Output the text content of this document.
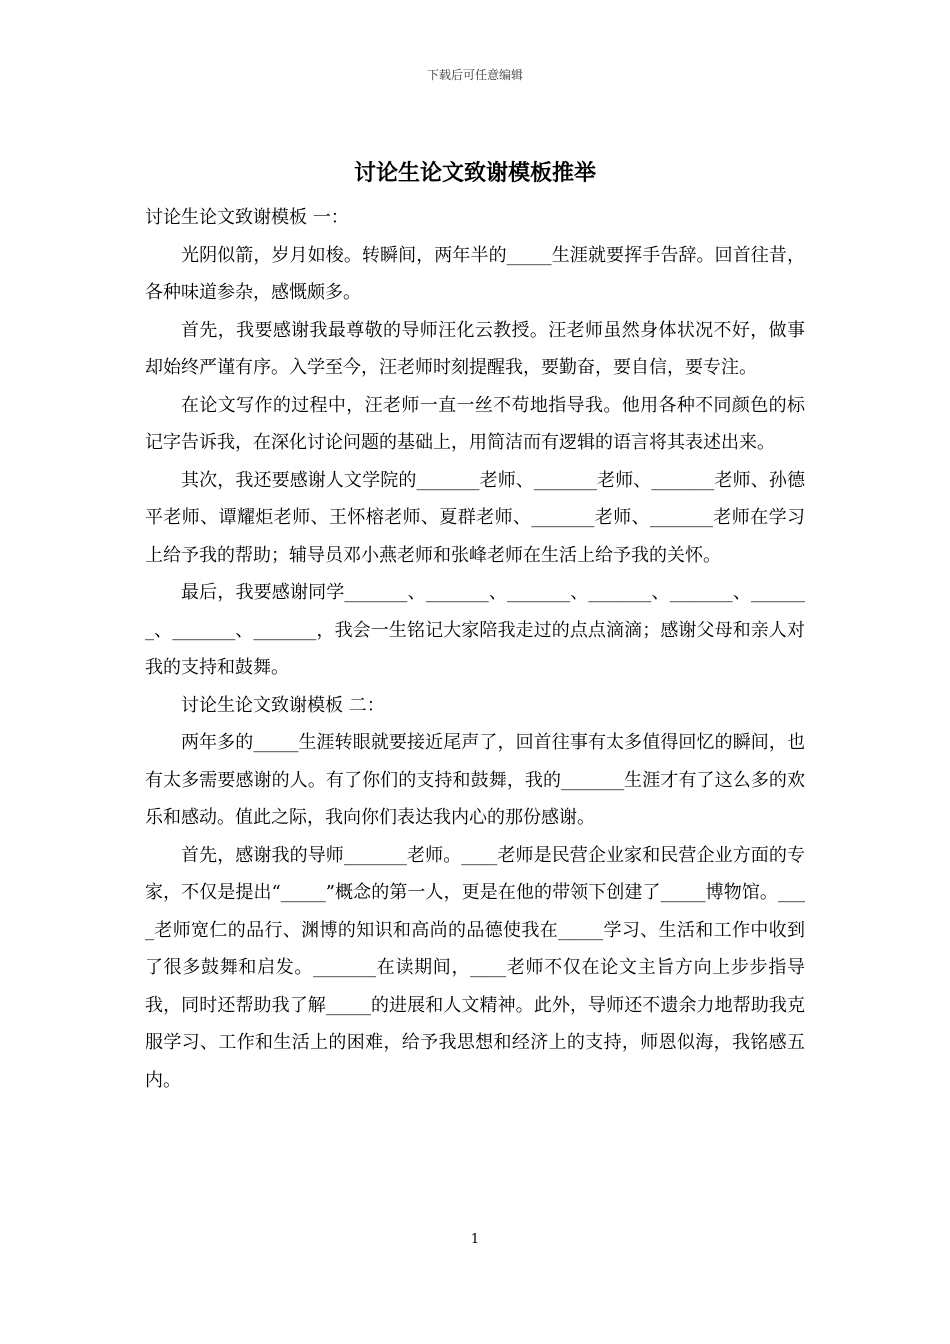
下载后可任意编辑
讨论生论文致谢模板推举

讨论生论文致谢模板 一：

光阴似箭，岁月如梭。转瞬间，两年半的_____生涯就要挥手告辞。回首往昔，各种味道参杂，感慨颇多。

首先，我要感谢我最尊敬的导师汪化云教授。汪老师虽然身体状况不好，做事却始终严谨有序。入学至今，汪老师时刻提醒我，要勤奋，要自信，要专注。

在论文写作的过程中，汪老师一直一丝不苟地指导我。他用各种不同颜色的标记字告诉我，在深化讨论问题的基础上，用简洁而有逻辑的语言将其表述出来。

其次，我还要感谢人文学院的_______老师、_______老师、_______老师、孙德平老师、谭耀炬老师、王怀榕老师、夏群老师、_______老师、_______老师在学习上给予我的帮助；辅导员邓小燕老师和张峰老师在生活上给予我的关怀。

最后，我要感谢同学_______、_______、_______、_______、_______、_______、_______、_______，我会一生铭记大家陪我走过的点点滴滴；感谢父母和亲人对我的支持和鼓舞。

讨论生论文致谢模板 二：

两年多的_____生涯转眼就要接近尾声了，回首往事有太多值得回忆的瞬间，也有太多需要感谢的人。有了你们的支持和鼓舞，我的_______生涯才有了这么多的欢乐和感动。值此之际，我向你们表达我内心的那份感谢。

首先，感谢我的导师_______老师。____老师是民营企业家和民营企业方面的专家，不仅是提出“_____”概念的第一人，更是在他的带领下创建了_____博物馆。____老师宽仁的品行、渊博的知识和高尚的品德使我在_____学习、生活和工作中收到了很多鼓舞和启发。_______在读期间，____老师不仅在论文主旨方向上步步指导我，同时还帮助我了解_____的进展和人文精神。此外，导师还不遗余力地帮助我克服学习、工作和生活上的困难，给予我思想和经济上的支持，师恩似海，我铭感五内。

1
